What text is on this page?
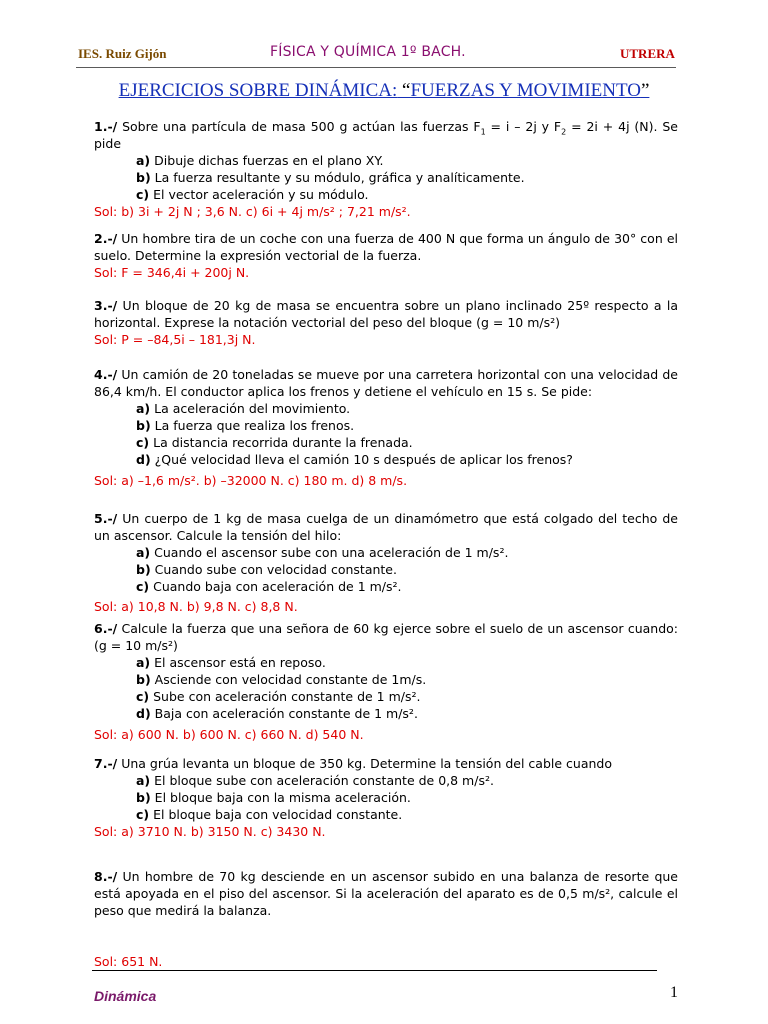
IES. Ruiz Gijón	FÍSICA Y QUÍMICA 1º BACH.	UTRERA
EJERCICIOS SOBRE DINÁMICA: “FUERZAS Y MOVIMIENTO”
1.-/ Sobre una partícula de masa 500 g actúan las fuerzas $F_1 = i - 2j$ y $F_2 = 2i + 4j$ (N). Se pide
a) Dibuje dichas fuerzas en el plano XY.
b) La fuerza resultante y su módulo, gráfica y analíticamente.
c) El vector aceleración y su módulo.
Sol: b) 3i + 2j N ; 3,6 N. c) 6i + 4j m/s² ; 7,21 m/s².
2.-/ Un hombre tira de un coche con una fuerza de 400 N que forma un ángulo de 30° con el suelo. Determine la expresión vectorial de la fuerza.
Sol: F = 346,4i + 200j N.
3.-/ Un bloque de 20 kg de masa se encuentra sobre un plano inclinado 25º respecto a la horizontal. Exprese la notación vectorial del peso del bloque (g = 10 m/s²)
Sol: P = –84,5i – 181,3j N.
4.-/ Un camión de 20 toneladas se mueve por una carretera horizontal con una velocidad de 86,4 km/h. El conductor aplica los frenos y detiene el vehículo en 15 s. Se pide:
a) La aceleración del movimiento.
b) La fuerza que realiza los frenos.
c) La distancia recorrida durante la frenada.
d) ¿Qué velocidad lleva el camión 10 s después de aplicar los frenos?
Sol: a) –1,6 m/s². b) –32000 N. c) 180 m. d) 8 m/s.
5.-/ Un cuerpo de 1 kg de masa cuelga de un dinamómetro que está colgado del techo de un ascensor. Calcule la tensión del hilo:
a) Cuando el ascensor sube con una aceleración de 1 m/s².
b) Cuando sube con velocidad constante.
c) Cuando baja con aceleración de 1 m/s².
Sol: a) 10,8 N. b) 9,8 N. c) 8,8 N.
6.-/ Calcule la fuerza que una señora de 60 kg ejerce sobre el suelo de un ascensor cuando: (g = 10 m/s²)
a) El ascensor está en reposo.
b) Asciende con velocidad constante de 1m/s.
c) Sube con aceleración constante de 1 m/s².
d) Baja con aceleración constante de 1 m/s².
Sol: a) 600 N. b) 600 N. c) 660 N. d) 540 N.
7.-/ Una grúa levanta un bloque de 350 kg. Determine la tensión del cable cuando
a) El bloque sube con aceleración constante de 0,8 m/s².
b) El bloque baja con la misma aceleración.
c) El bloque baja con velocidad constante.
Sol: a) 3710 N. b) 3150 N. c) 3430 N.
8.-/ Un hombre de 70 kg desciende en un ascensor subido en una balanza de resorte que está apoyada en el piso del ascensor. Si la aceleración del aparato es de 0,5 m/s², calcule el peso que medirá la balanza.
Sol: 651 N.
Dinámica	1
